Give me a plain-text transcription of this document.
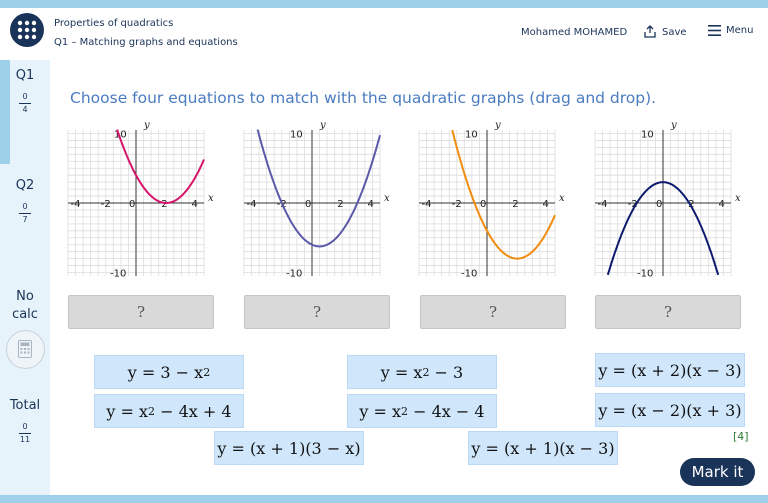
Properties of quadratics
Q1 – Matching graphs and equations
Mohamed MOHAMED	Save	Menu
Q1
0
4
Q2
0
7
No
calc
Total
0
11
Choose four equations to match with the quadratic graphs (drag and drop).
-4 -2 0	2 4
10
-10
x
y
-4 -2 0	2 4
10
-10
x
y
-4 -2 0	2 4
10
-10
x
y
-4 -2 0	2 4
10
-10
x
y
?	?	?	?
y = 3 − x 2	y = x 2 − 3	y = (x + 2)(x − 3)
y = x 2 − 4x + 4	y = x 2 − 4x − 4	y = (x − 2)(x + 3)
y = (x + 1)(3 − x)	y = (x + 1)(x − 3)
[4]
Mark it
